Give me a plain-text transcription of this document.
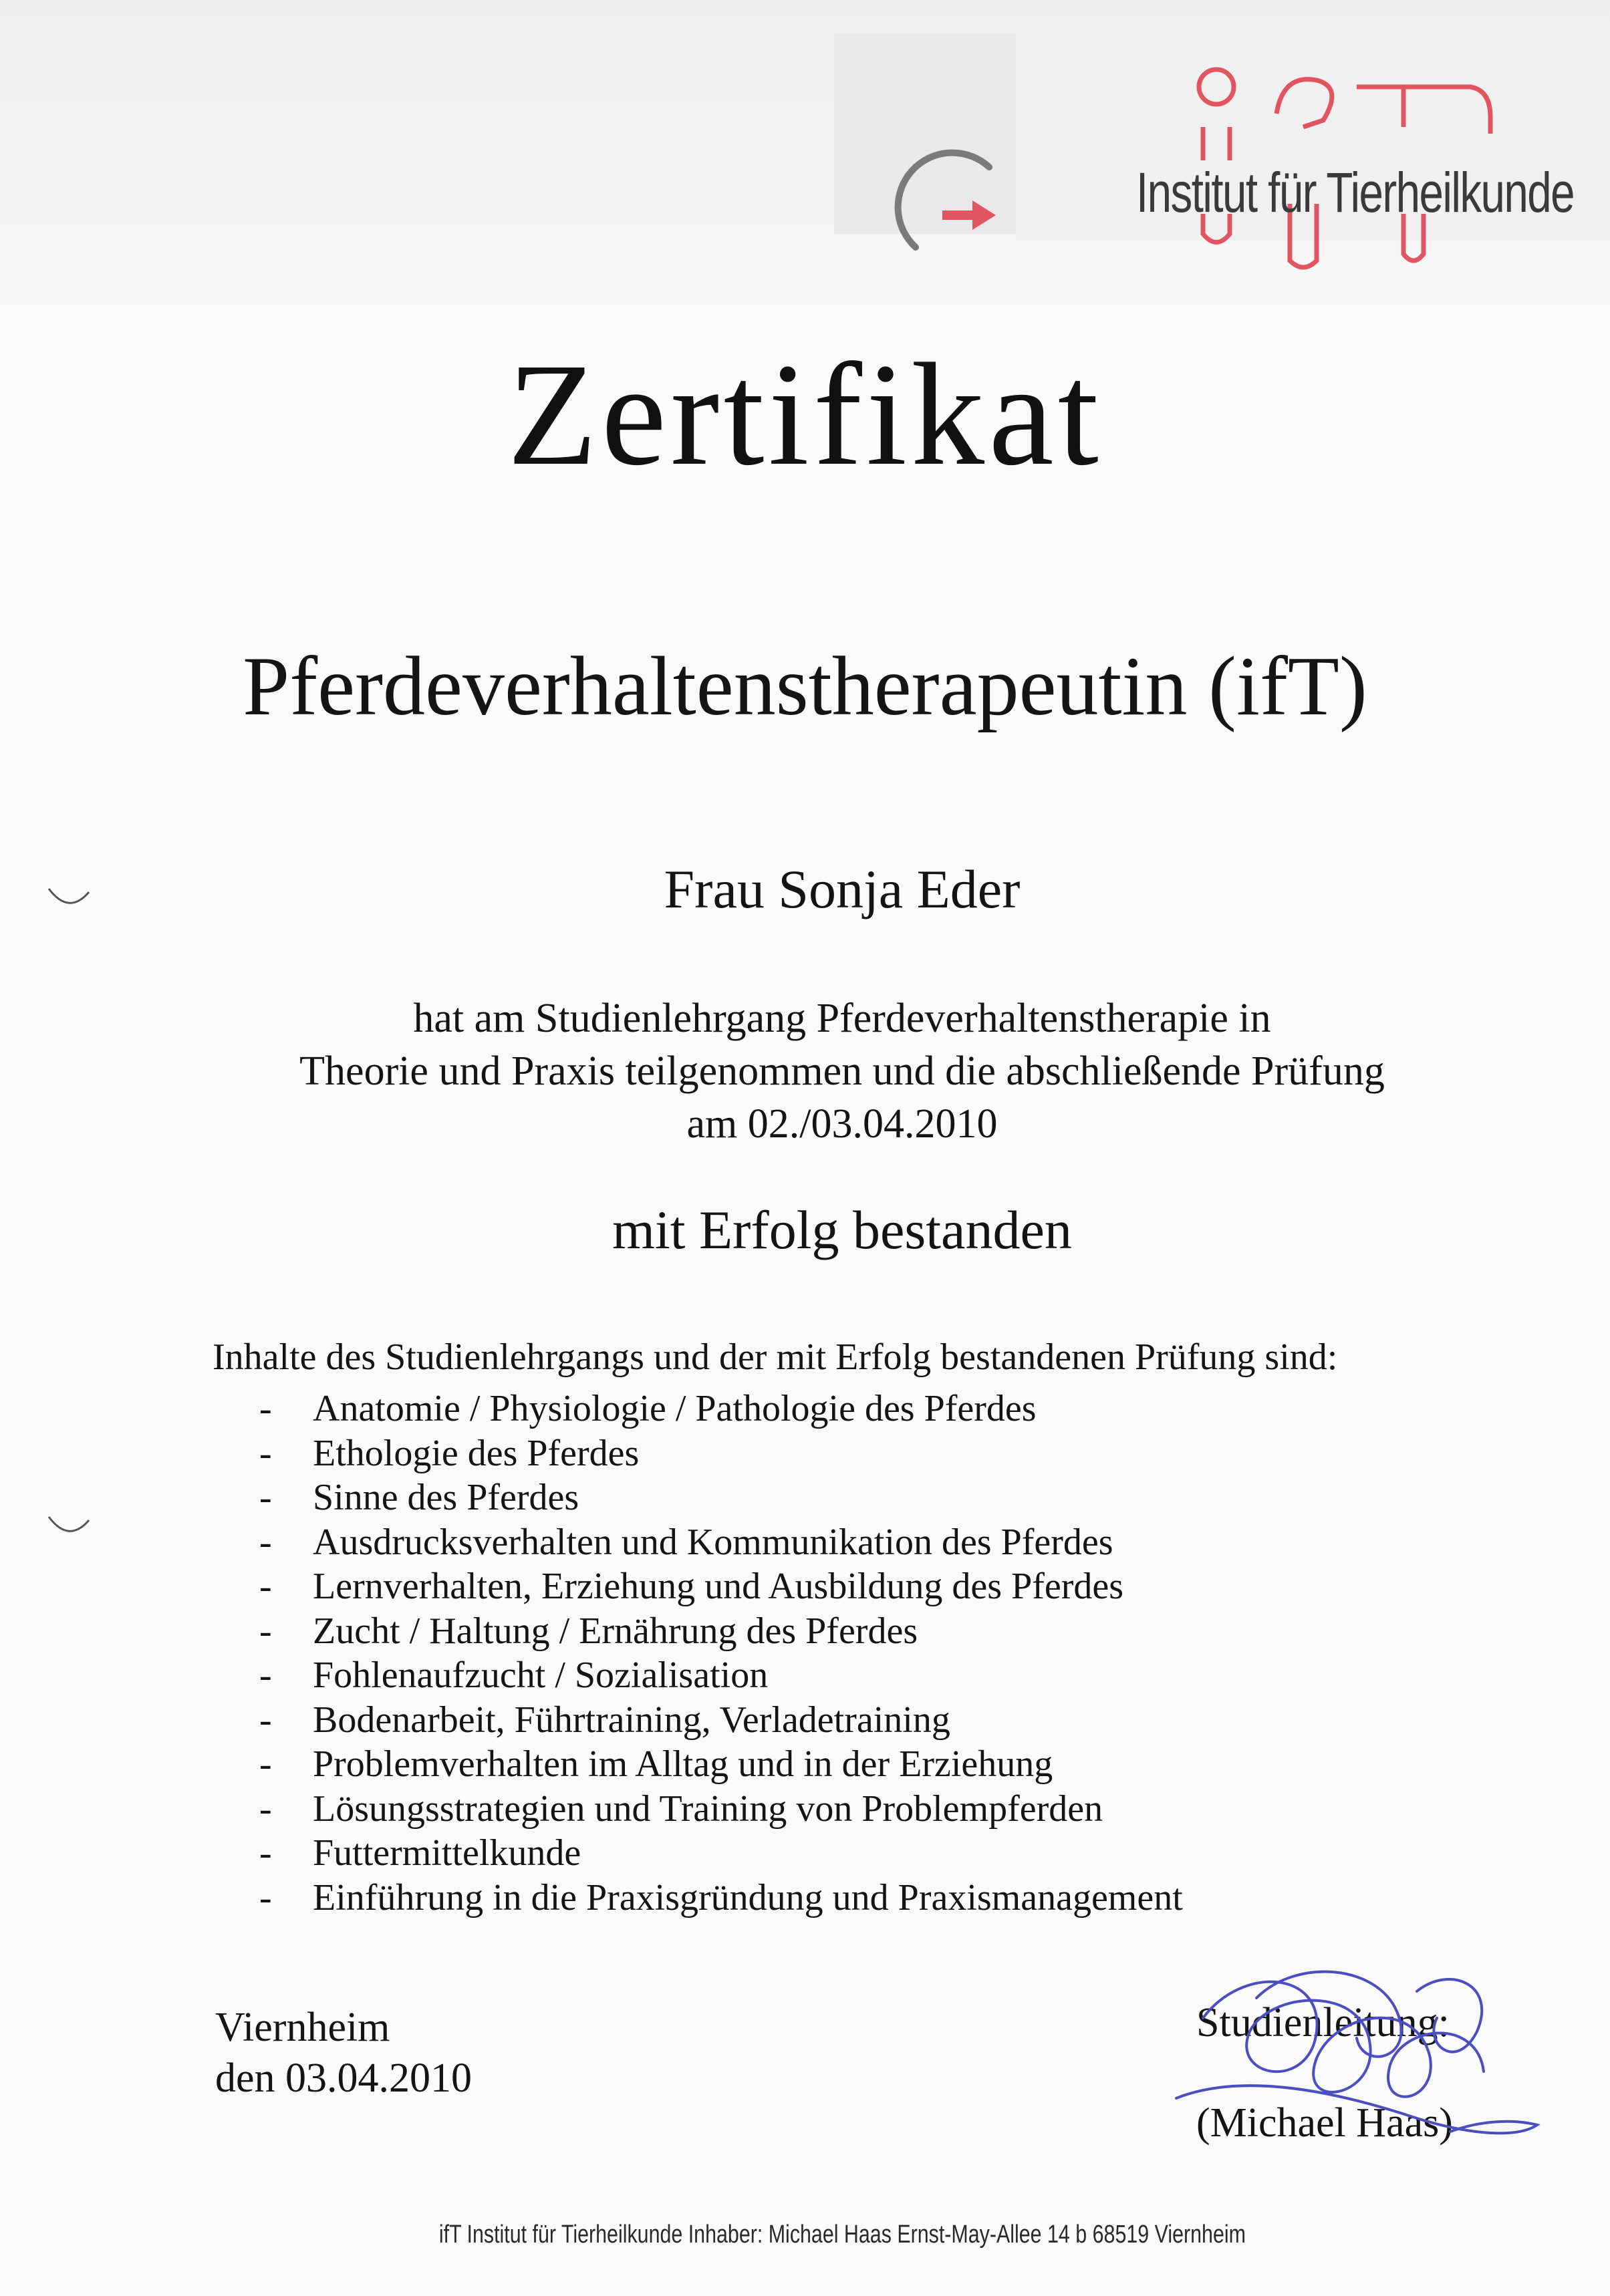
Institut für Tierheilkunde
Zertifikat
Pferdeverhaltenstherapeutin (ifT)
Frau Sonja Eder
hat am Studienlehrgang Pferdeverhaltenstherapie in
Theorie und Praxis teilgenommen und die abschließende Prüfung
am 02./03.04.2010
mit Erfolg bestanden
Inhalte des Studienlehrgangs und der mit Erfolg bestandenen Prüfung sind:
- Anatomie / Physiologie / Pathologie des Pferdes
- Ethologie des Pferdes
- Sinne des Pferdes
- Ausdrucksverhalten und Kommunikation des Pferdes
- Lernverhalten, Erziehung und Ausbildung des Pferdes
- Zucht / Haltung / Ernährung des Pferdes
- Fohlenaufzucht / Sozialisation
- Bodenarbeit, Führtraining, Verladetraining
- Problemverhalten im Alltag und in der Erziehung
- Lösungsstrategien und Training von Problempferden
- Futtermittelkunde
- Einführung in die Praxisgründung und Praxismanagement
Viernheim
den 03.04.2010
Studienleitung:
(Michael Haas)
ifT Institut für Tierheilkunde Inhaber: Michael Haas Ernst-May-Allee 14 b 68519 Viernheim
